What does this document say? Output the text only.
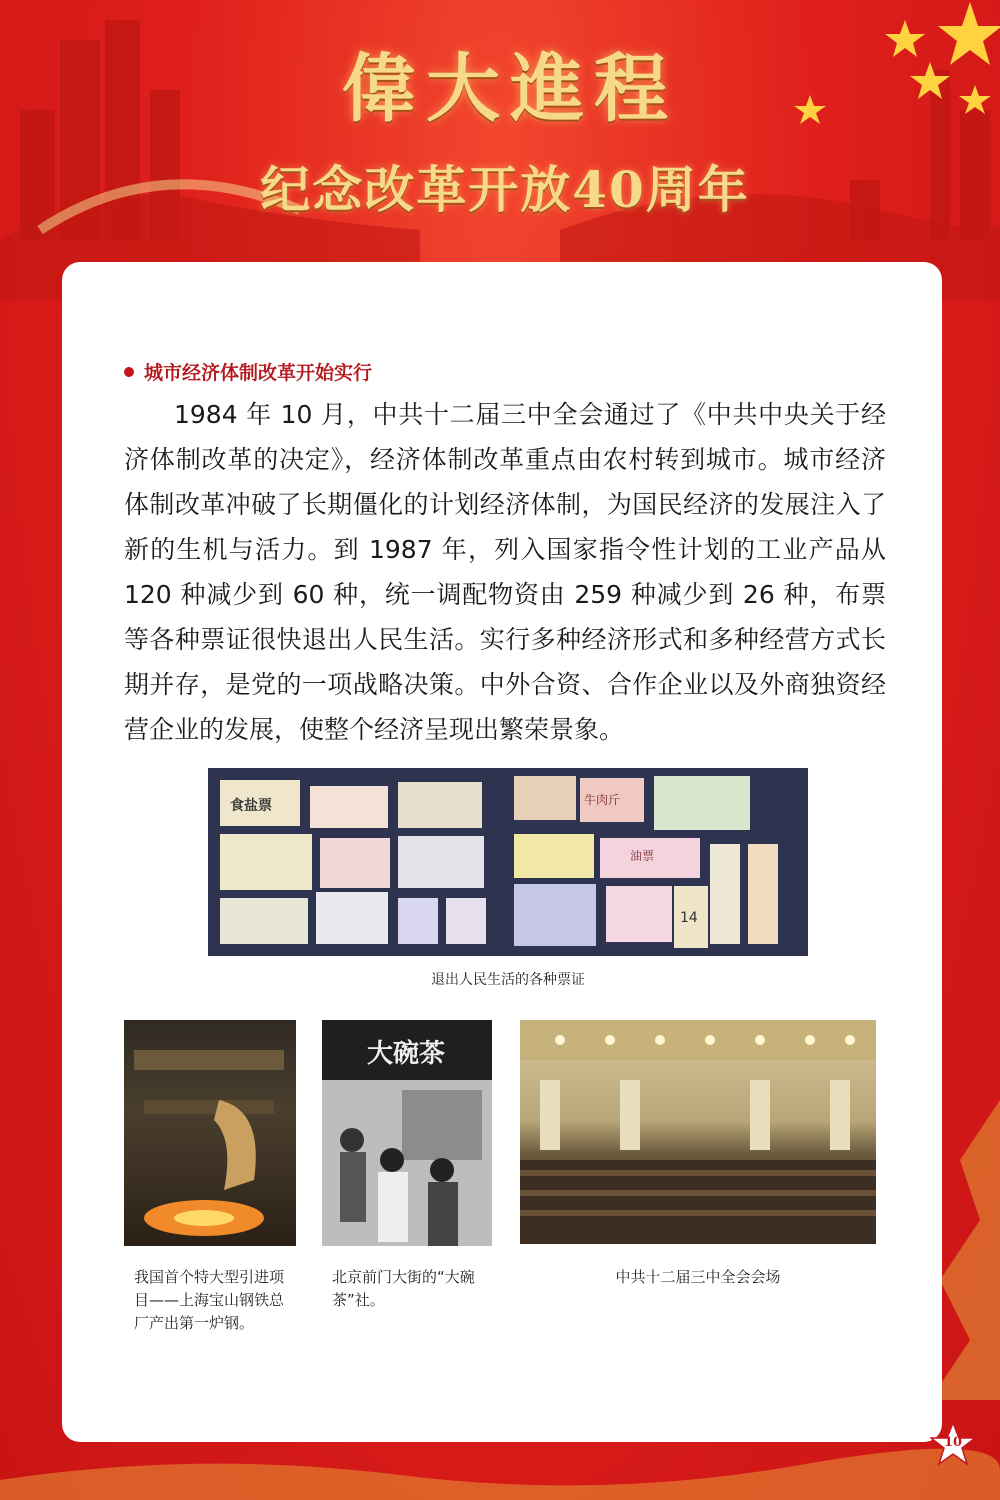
偉大進程
纪念改革开放40周年
城市经济体制改革开始实行

1984 年 10 月，中共十二届三中全会通过了《中共中央关于经济体制改革的决定》，经济体制改革重点由农村转到城市。城市经济体制改革冲破了长期僵化的计划经济体制，为国民经济的发展注入了新的生机与活力。到 1987 年，列入国家指令性计划的工业产品从 120 种减少到 60 种，统一调配物资由 259 种减少到 26 种，布票等各种票证很快退出人民生活。实行多种经济形式和多种经营方式长期并存，是党的一项战略决策。中外合资、合作企业以及外商独资经营企业的发展，使整个经济呈现出繁荣景象。

食盐票	牛肉斤
油票
14
退出人民生活的各种票证
我国首个特大型引进项目——上海宝山钢铁总厂产出第一炉钢。
大碗茶
北京前门大街的“大碗茶”社。
中共十二届三中全会会场
10
